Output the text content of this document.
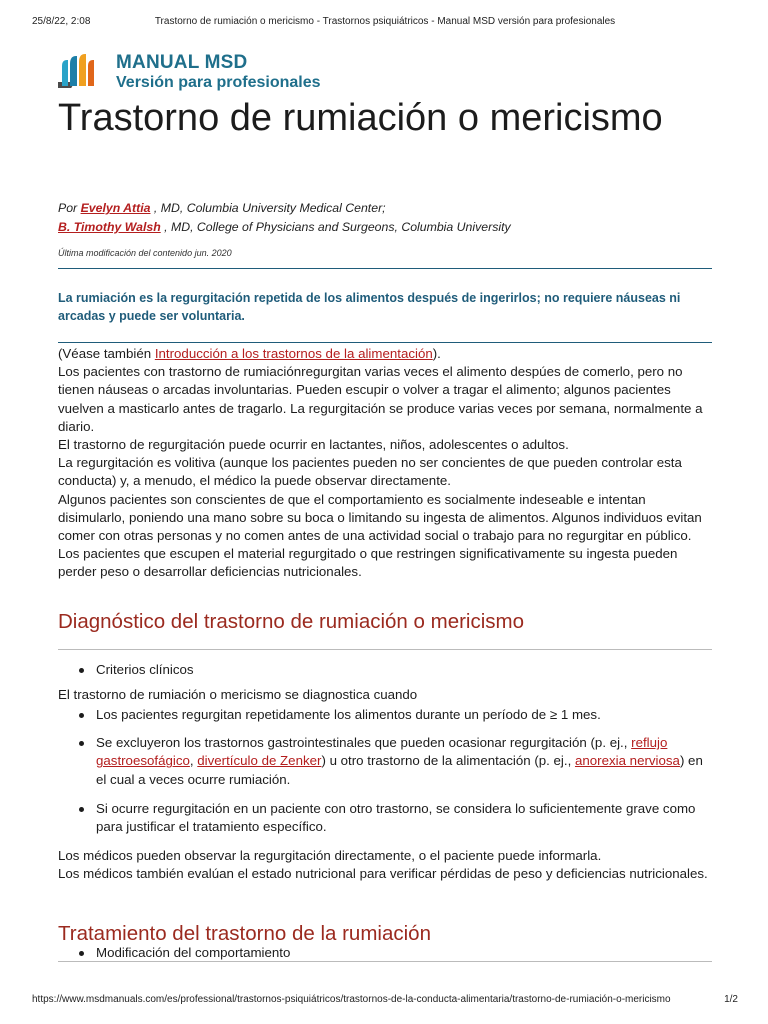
25/8/22, 2:08	Trastorno de rumiación o mericismo - Trastornos psiquiátricos - Manual MSD versión para profesionales
MANUAL MSD
Versión para profesionales
Trastorno de rumiación o mericismo
Por Evelyn Attia , MD, Columbia University Medical Center;
B. Timothy Walsh , MD, College of Physicians and Surgeons, Columbia University
Última modificación del contenido jun. 2020
La rumiación es la regurgitación repetida de los alimentos después de ingerirlos; no requiere náuseas ni arcadas y puede ser voluntaria.

(Véase también Introducción a los trastornos de la alimentación).

Los pacientes con trastorno de rumiaciónregurgitan varias veces el alimento despúes de comerlo, pero no tienen náuseas o arcadas involuntarias. Pueden escupir o volver a tragar el alimento; algunos pacientes vuelven a masticarlo antes de tragarlo. La regurgitación se produce varias veces por semana, normalmente a diario.

El trastorno de regurgitación puede ocurrir en lactantes, niños, adolescentes o adultos.

La regurgitación es volitiva (aunque los pacientes pueden no ser concientes de que pueden controlar esta conducta) y, a menudo, el médico la puede observar directamente.

Algunos pacientes son conscientes de que el comportamiento es socialmente indeseable e intentan disimularlo, poniendo una mano sobre su boca o limitando su ingesta de alimentos. Algunos individuos evitan comer con otras personas y no comen antes de una actividad social o trabajo para no regurgitar en público.

Los pacientes que escupen el material regurgitado o que restringen significativamente su ingesta pueden perder peso o desarrollar deficiencias nutricionales.

Diagnóstico del trastorno de rumiación o mericismo
Criterios clínicos
El trastorno de rumiación o mericismo se diagnostica cuando
Los pacientes regurgitan repetidamente los alimentos durante un período de ≥ 1 mes.
Se excluyeron los trastornos gastrointestinales que pueden ocasionar regurgitación (p. ej., reflujo gastroesofágico, divertículo de Zenker) u otro trastorno de la alimentación (p. ej., anorexia nerviosa) en el cual a veces ocurre rumiación.
Si ocurre regurgitación en un paciente con otro trastorno, se considera lo suficientemente grave como para justificar el tratamiento específico.

Los médicos pueden observar la regurgitación directamente, o el paciente puede informarla.

Los médicos también evalúan el estado nutricional para verificar pérdidas de peso y deficiencias nutricionales.

Tratamiento del trastorno de la rumiación
Modificación del comportamiento
https://www.msdmanuals.com/es/professional/trastornos-psiquiátricos/trastornos-de-la-conducta-alimentaria/trastorno-de-rumiación-o-mericismo	1/2
